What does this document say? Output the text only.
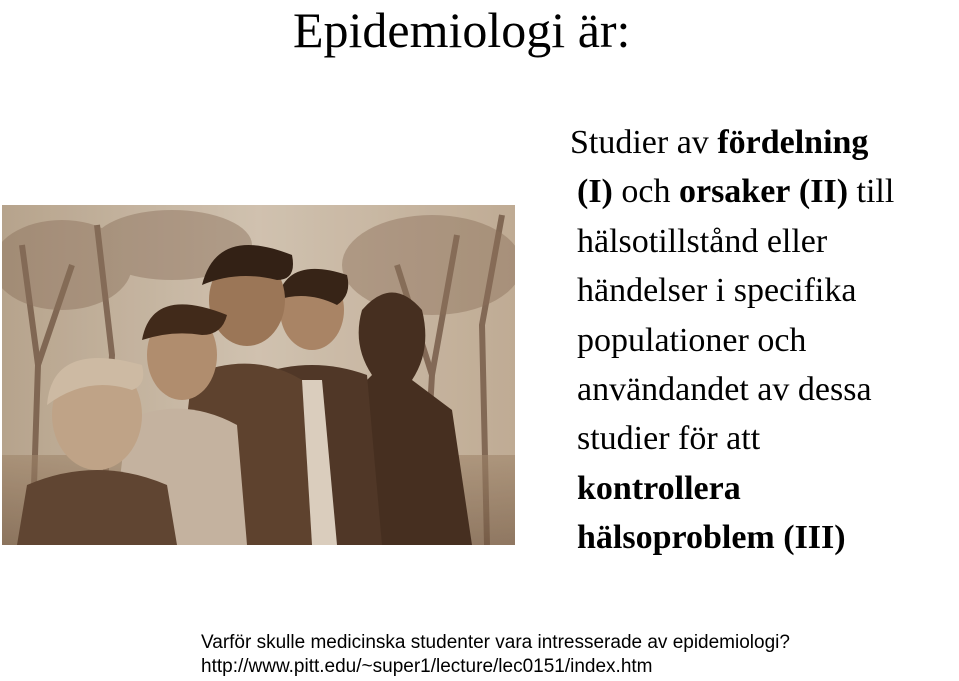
Epidemiologi är:
Studier av fördelning
(I) och orsaker (II) till
hälsotillstånd eller
händelser i specifika
populationer och
användandet av dessa
studier för att
kontrollera
hälsoproblem (III)
Varför skulle medicinska studenter vara intresserade av epidemiologi?
http://www.pitt.edu/~super1/lecture/lec0151/index.htm
